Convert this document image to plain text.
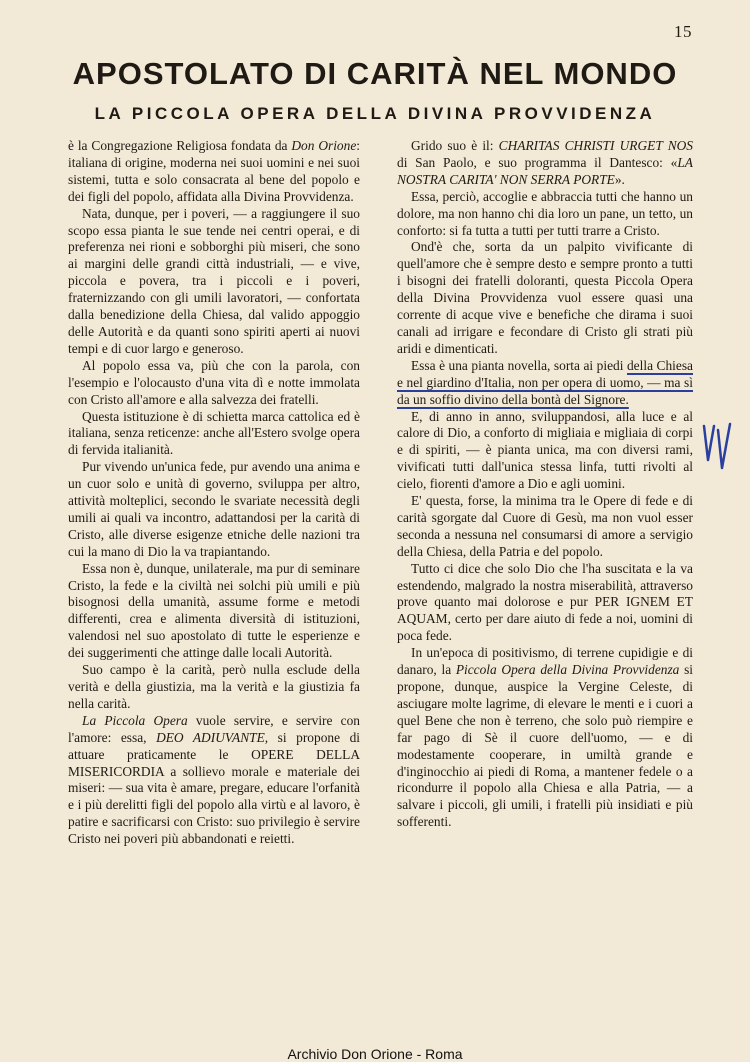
15
APOSTOLATO DI CARITÀ NEL MONDO
LA PICCOLA OPERA DELLA DIVINA PROVVIDENZA

è la Congregazione Religiosa fondata da Don Orione: italiana di origine, moderna nei suoi uomini e nei suoi sistemi, tutta e solo consacrata al bene del popolo e dei figli del popolo, affidata alla Divina Provvidenza.

Nata, dunque, per i poveri, — a raggiungere il suo scopo essa pianta le sue tende nei centri operai, e di preferenza nei rioni e sobborghi più miseri, che sono ai margini delle grandi città industriali, — e vive, piccola e povera, tra i piccoli e i poveri, fraternizzando con gli umili lavoratori, — confortata dalla benedizione della Chiesa, dal valido appoggio delle Autorità e da quanti sono spiriti aperti ai nuovi tempi e di cuor largo e generoso.

Al popolo essa va, più che con la parola, con l'esempio e l'olocausto d'una vita dì e notte immolata con Cristo all'amore e alla salvezza dei fratelli.

Questa istituzione è di schietta marca cattolica ed è italiana, senza reticenze: anche all'Estero svolge opera di fervida italianità.

Pur vivendo un'unica fede, pur avendo una anima e un cuor solo e unità di governo, sviluppa per altro, attività molteplici, secondo le svariate necessità degli umili ai quali va incontro, adattandosi per la carità di Cristo, alle diverse esigenze etniche delle nazioni tra cui la mano di Dio la va trapiantando.

Essa non è, dunque, unilaterale, ma pur di seminare Cristo, la fede e la civiltà nei solchi più umili e più bisognosi della umanità, assume forme e metodi differenti, crea e alimenta diversità di istituzioni, valendosi nel suo apostolato di tutte le esperienze e dei suggerimenti che attinge dalle locali Autorità.

Suo campo è la carità, però nulla esclude della verità e della giustizia, ma la verità e la giustizia fa nella carità.

La Piccola Opera vuole servire, e servire con l'amore: essa, DEO ADIUVANTE, si propone di attuare praticamente le OPERE DELLA MISERICORDIA a sollievo morale e materiale dei miseri: — sua vita è amare, pregare, educare l'orfanità e i più derelitti figli del popolo alla virtù e al lavoro, è patire e sacrificarsi con Cristo: suo privilegio è servire Cristo nei poveri più abbandonati e reietti.

Grido suo è il: CHARITAS CHRISTI URGET NOS di San Paolo, e suo programma il Dantesco: «LA NOSTRA CARITA' NON SERRA PORTE».

Essa, perciò, accoglie e abbraccia tutti che hanno un dolore, ma non hanno chi dia loro un pane, un tetto, un conforto: si fa tutta a tutti per tutti trarre a Cristo.

Ond'è che, sorta da un palpito vivificante di quell'amore che è sempre desto e sempre pronto a tutti i bisogni dei fratelli doloranti, questa Piccola Opera della Divina Provvidenza vuol essere quasi una corrente di acque vive e benefiche che dirama i suoi canali ad irrigare e fecondare di Cristo gli strati più aridi e dimenticati.

Essa è una pianta novella, sorta ai piedi della Chiesa e nel giardino d'Italia, non per opera di uomo, — ma sì da un soffio divino della bontà del Signore.

E, di anno in anno, sviluppandosi, alla luce e al calore di Dio, a conforto di migliaia e migliaia di corpi e di spiriti, — è pianta unica, ma con diversi rami, vivificati tutti dall'unica stessa linfa, tutti rivolti al cielo, fiorenti d'amore a Dio e agli uomini.

E' questa, forse, la minima tra le Opere di fede e di carità sgorgate dal Cuore di Gesù, ma non vuol esser seconda a nessuna nel consumarsi di amore a servigio della Chiesa, della Patria e del popolo.

Tutto ci dice che solo Dio che l'ha suscitata e la va estendendo, malgrado la nostra miserabilità, attraverso prove quanto mai dolorose e pur PER IGNEM ET AQUAM, certo per dare aiuto di fede a noi, uomini di poca fede.

In un'epoca di positivismo, di terrene cupidigie e di danaro, la Piccola Opera della Divina Provvidenza si propone, dunque, auspice la Vergine Celeste, di asciugare molte lagrime, di elevare le menti e i cuori a quel Bene che non è terreno, che solo può riempire e far pago di Sè il cuore dell'uomo, — e di modestamente cooperare, in umiltà grande e d'inginocchio ai piedi di Roma, a mantener fedele o a ricondurre il popolo alla Chiesa e alla Patria, — a salvare i piccoli, gli umili, i fratelli più insidiati e più sofferenti.

Archivio Don Orione - Roma
